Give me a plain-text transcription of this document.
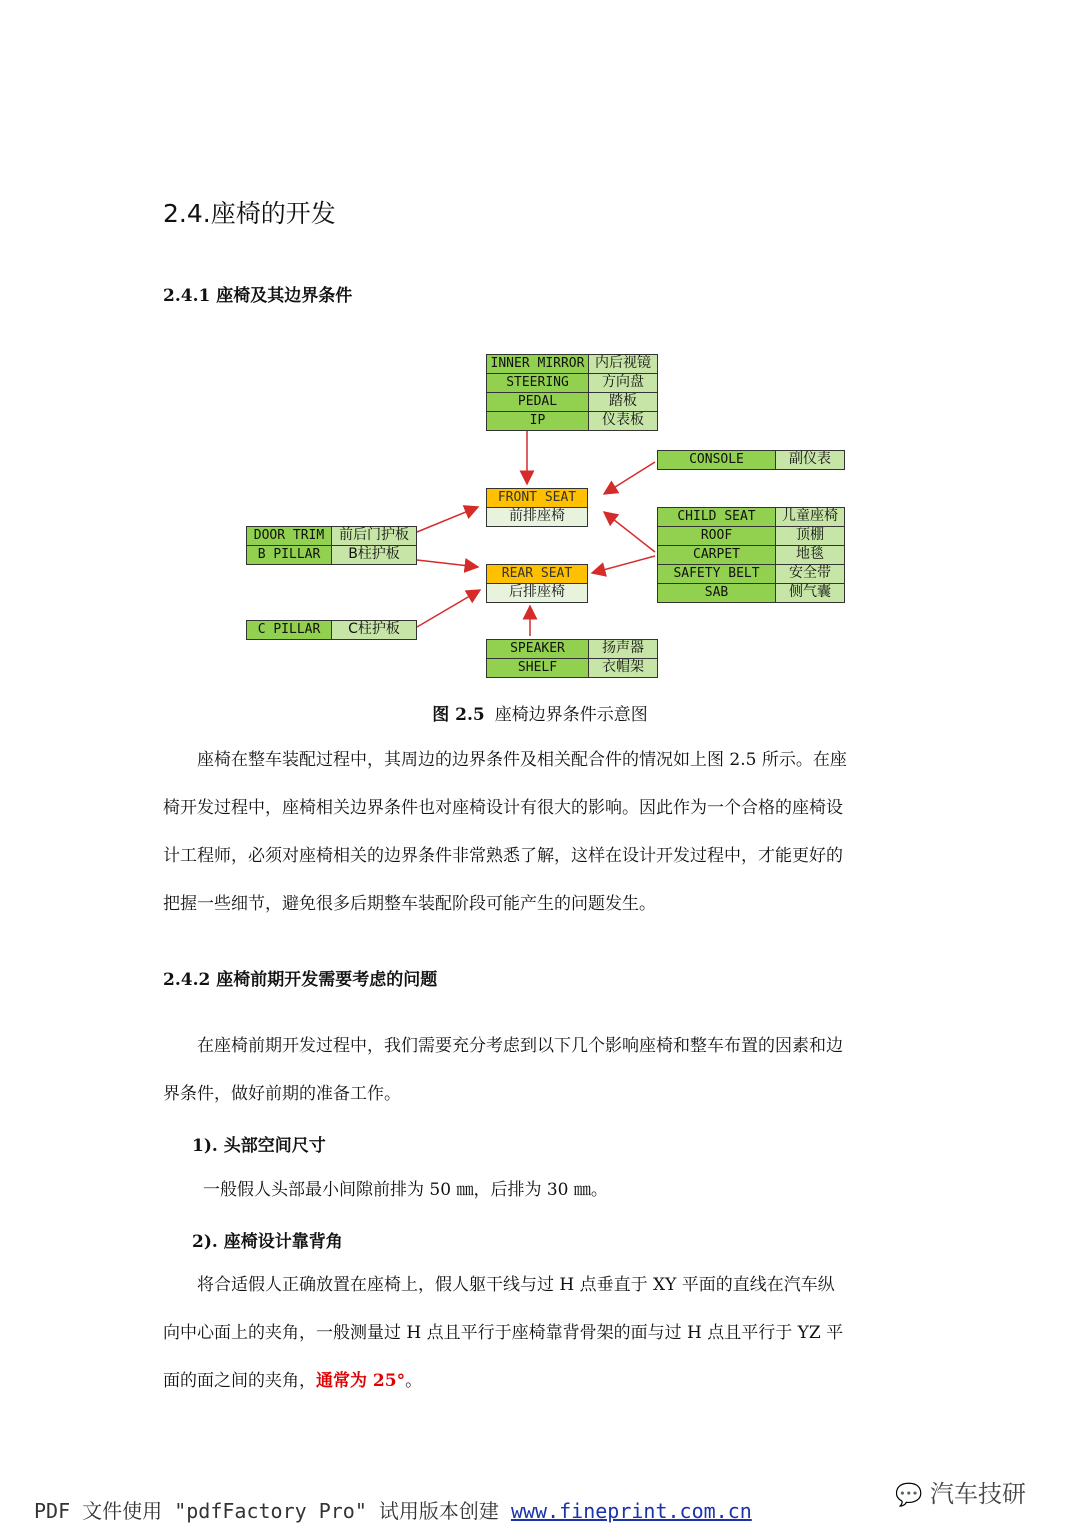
2.4.座椅的开发
2.4.1 座椅及其边界条件
INNER MIRROR 内后视镜
STEERING	方向盘
PEDAL	踏板
IP	仪表板
CONSOLE	副仪表
FRONT SEAT
前排座椅
REAR SEAT
后排座椅
DOOR TRIM	前后门护板
B PILLAR	B柱护板
C PILLAR	C柱护板
CHILD SEAT	儿童座椅
ROOF	顶棚
CARPET	地毯
SAFETY BELT	安全带
SAB	侧气囊
SPEAKER	扬声器
SHELF	衣帽架
图 2.5 座椅边界条件示意图

座椅在整车装配过程中，其周边的边界条件及相关配合件的情况如上图 2.5 所示。在座

椅开发过程中，座椅相关边界条件也对座椅设计有很大的影响。因此作为一个合格的座椅设

计工程师，必须对座椅相关的边界条件非常熟悉了解，这样在设计开发过程中，才能更好的

把握一些细节，避免很多后期整车装配阶段可能产生的问题发生。

2.4.2 座椅前期开发需要考虑的问题

在座椅前期开发过程中，我们需要充分考虑到以下几个影响座椅和整车布置的因素和边

界条件，做好前期的准备工作。

1). 头部空间尺寸

一般假人头部最小间隙前排为 50 ㎜，后排为 30 ㎜。

2). 座椅设计靠背角

将合适假人正确放置在座椅上，假人躯干线与过 H 点垂直于 XY 平面的直线在汽车纵

向中心面上的夹角，一般测量过 H 点且平行于座椅靠背骨架的面与过 H 点且平行于 YZ 平

面的面之间的夹角，通常为 25°。

💬 汽车技研
PDF 文件使用 "pdfFactory Pro" 试用版本创建 www.fineprint.com.cn
